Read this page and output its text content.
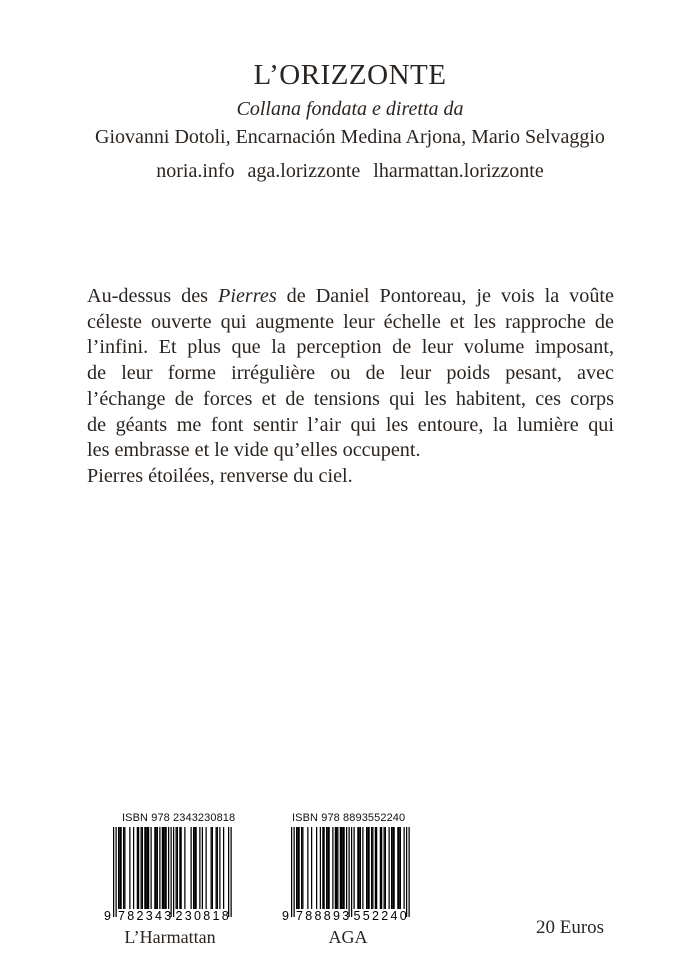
L’ORIZZONTE
Collana fondata e diretta da
Giovanni Dotoli, Encarnación Medina Arjona, Mario Selvaggio
noria.info aga.lorizzonte lharmattan.lorizzonte

Au-dessus des Pierres de Daniel Pontoreau, je vois la voûte
céleste ouverte qui augmente leur échelle et les rapproche de
l’infini. Et plus que la perception de leur volume imposant,
de leur forme irrégulière ou de leur poids pesant, avec
l’échange de forces et de tensions qui les habitent, ces corps
de géants me font sentir l’air qui les entoure, la lumière qui
les embrasse et le vide qu’elles occupent.
Pierres étoilées, renverse du ciel.

ISBN 978 2343230818
9 782343 230818
L’Harmattan
ISBN 978 8893552240
9 788893 552240
AGA	20 Euros
